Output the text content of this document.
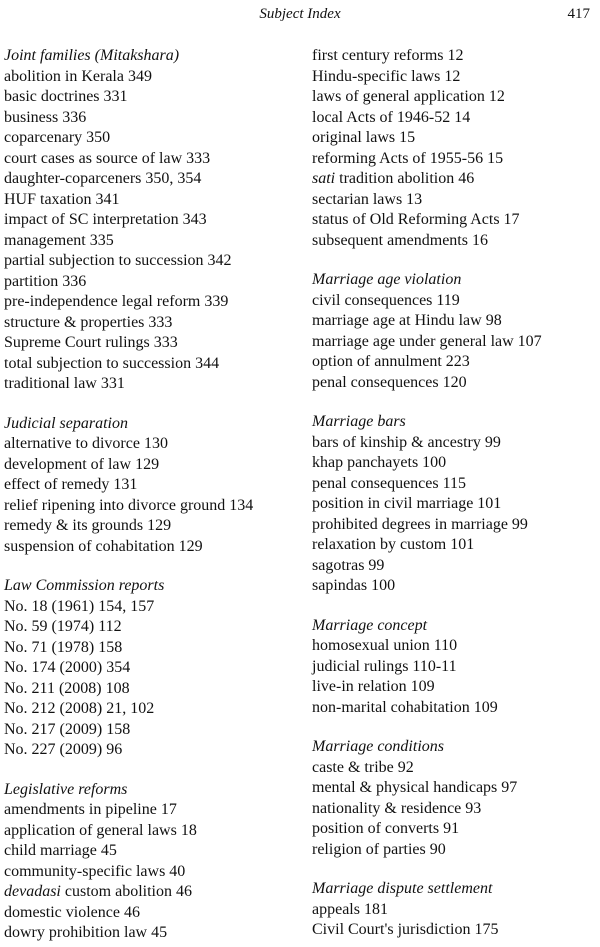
Subject Index	417
Joint families (Mitakshara)
abolition in Kerala 349
basic doctrines 331
business 336
coparcenary 350
court cases as source of law 333
daughter-coparceners 350, 354
HUF taxation 341
impact of SC interpretation 343
management 335
partial subjection to succession 342
partition 336
pre-independence legal reform 339
structure & properties 333
Supreme Court rulings 333
total subjection to succession 344
traditional law 331
Judicial separation
alternative to divorce 130
development of law 129
effect of remedy 131
relief ripening into divorce ground 134
remedy & its grounds 129
suspension of cohabitation 129
Law Commission reports
No. 18 (1961) 154, 157
No. 59 (1974) 112
No. 71 (1978) 158
No. 174 (2000) 354
No. 211 (2008) 108
No. 212 (2008) 21, 102
No. 217 (2009) 158
No. 227 (2009) 96
Legislative reforms
amendments in pipeline 17
application of general laws 18
child marriage 45
community-specific laws 40
devadasi custom abolition 46
domestic violence 46
dowry prohibition law 45
first century reforms 12
Hindu-specific laws 12
laws of general application 12
local Acts of 1946-52 14
original laws 15
reforming Acts of 1955-56 15
sati tradition abolition 46
sectarian laws 13
status of Old Reforming Acts 17
subsequent amendments 16
Marriage age violation
civil consequences 119
marriage age at Hindu law 98
marriage age under general law 107
option of annulment 223
penal consequences 120
Marriage bars
bars of kinship & ancestry 99
khap panchayets 100
penal consequences 115
position in civil marriage 101
prohibited degrees in marriage 99
relaxation by custom 101
sagotras 99
sapindas 100
Marriage concept
homosexual union 110
judicial rulings 110-11
live-in relation 109
non-marital cohabitation 109
Marriage conditions
caste & tribe 92
mental & physical handicaps 97
nationality & residence 93
position of converts 91
religion of parties 90
Marriage dispute settlement
appeals 181
Civil Court's jurisdiction 175
